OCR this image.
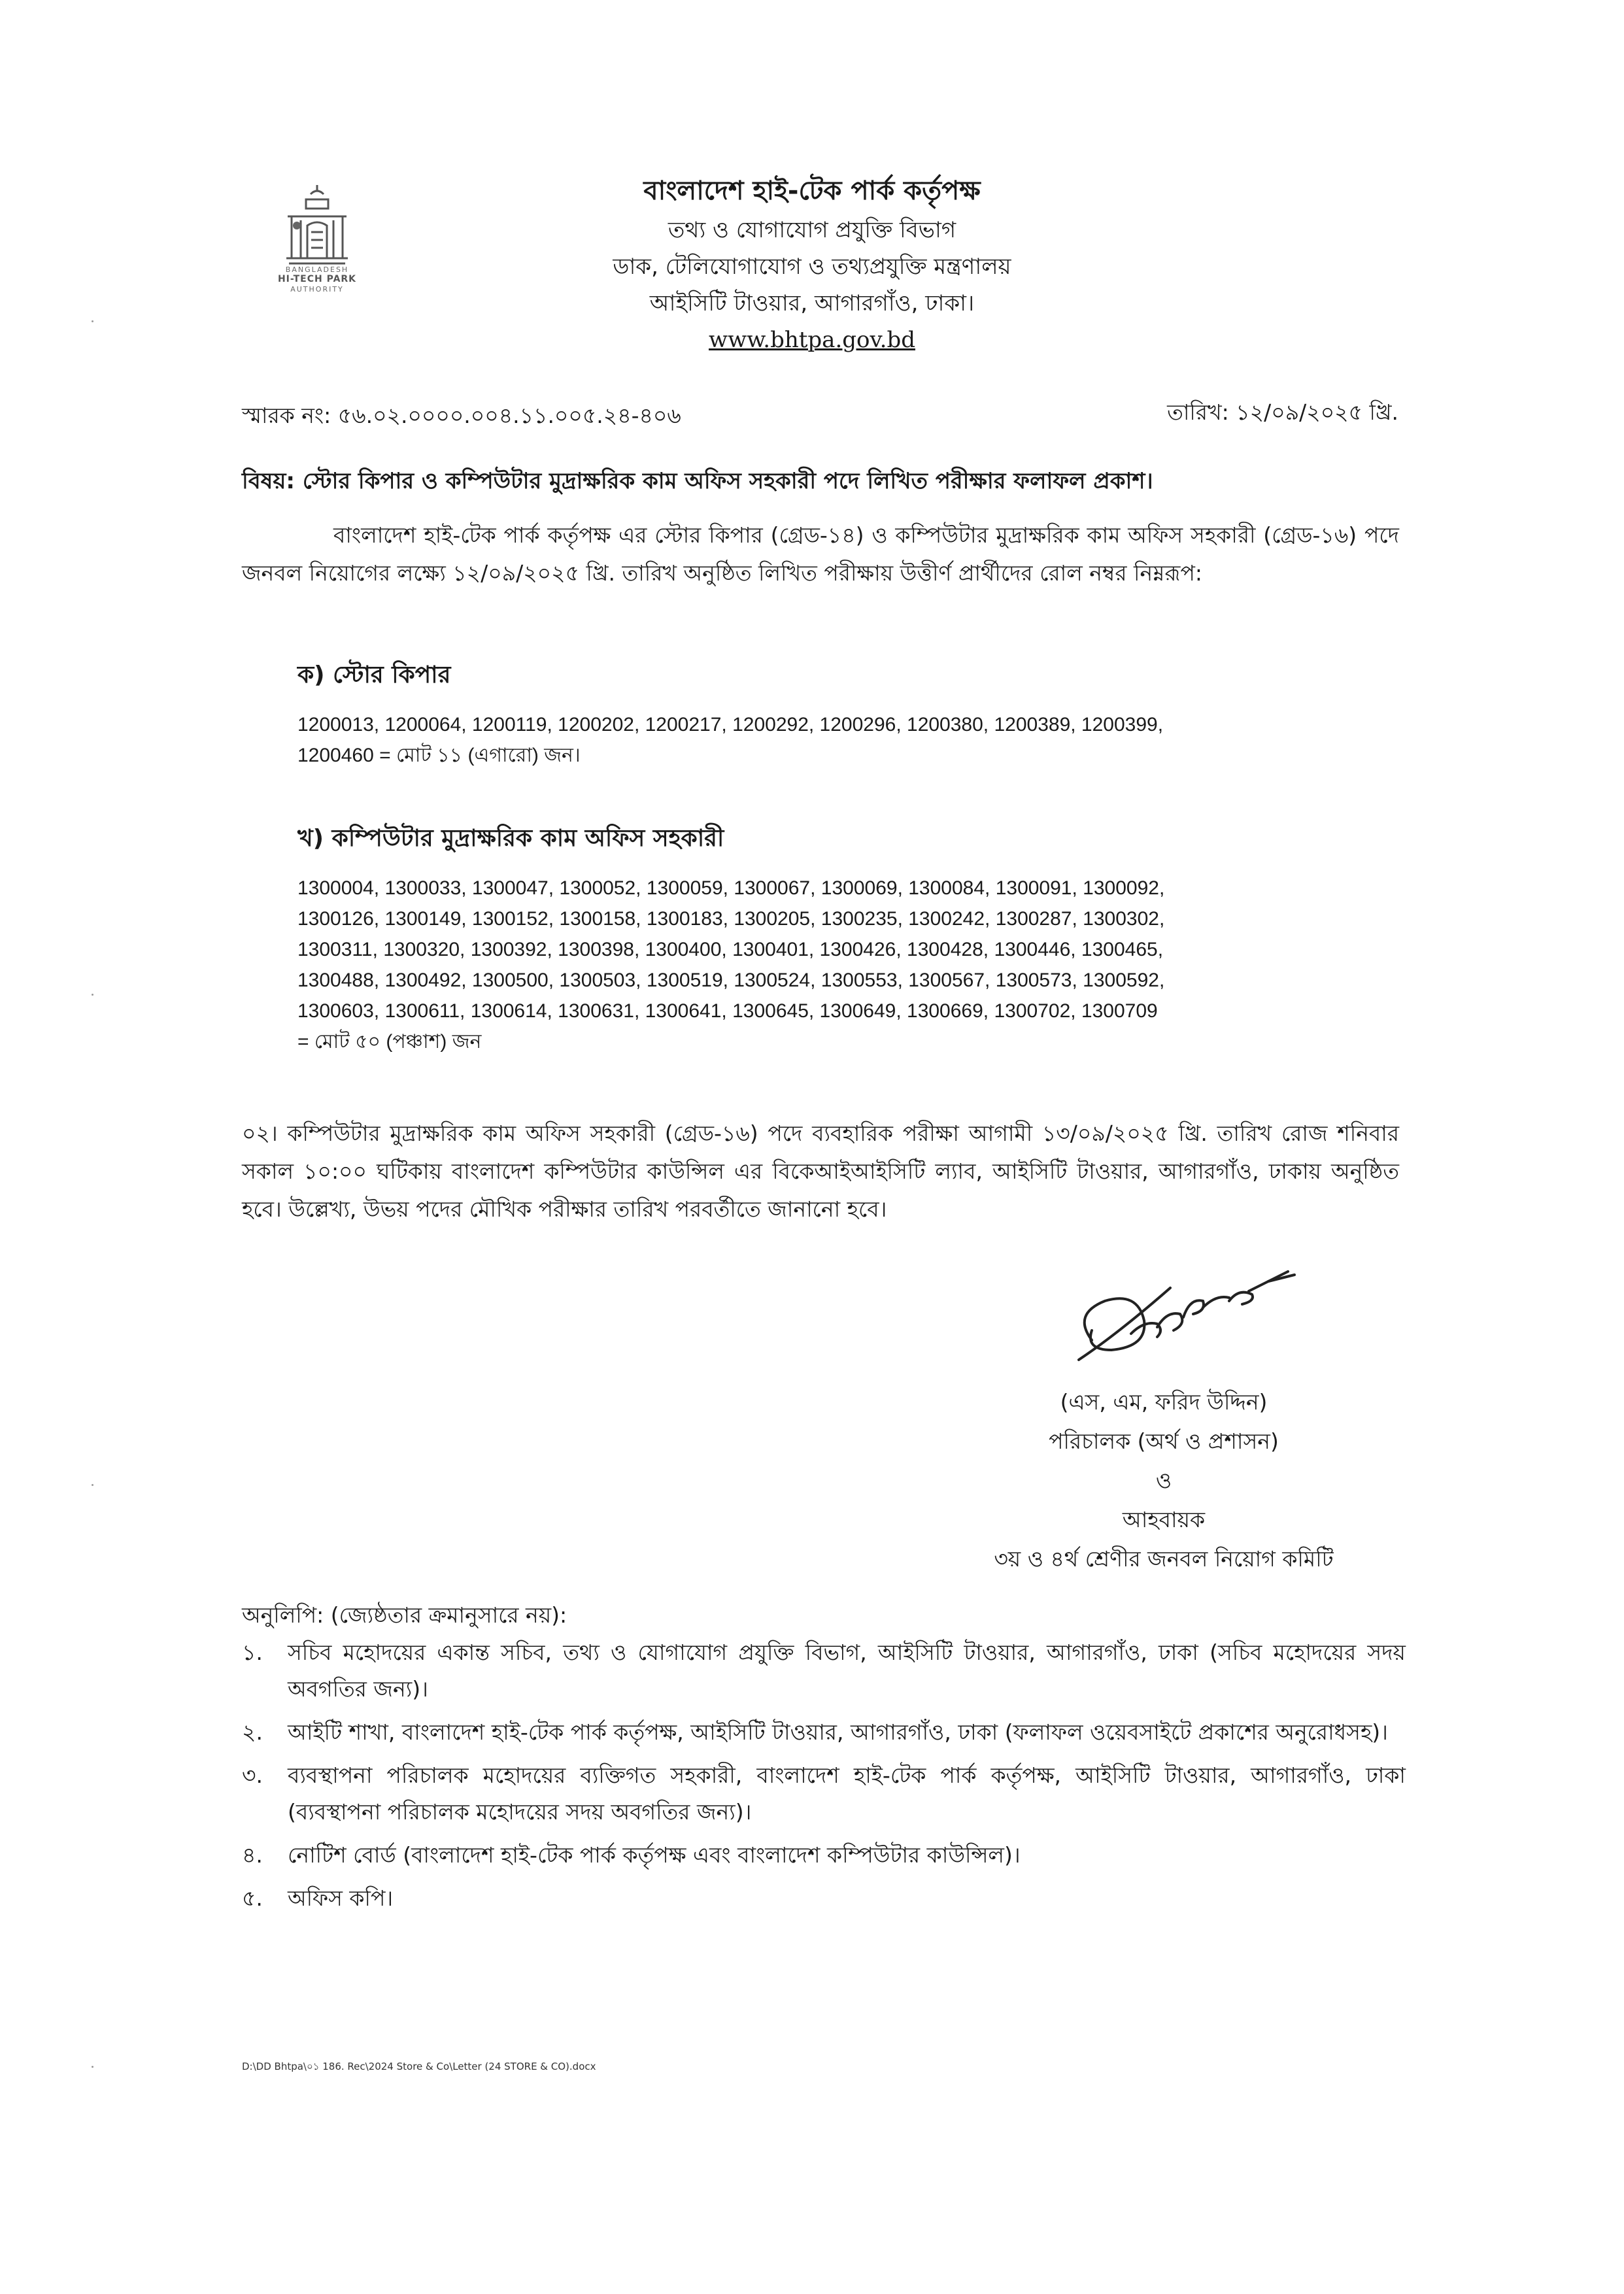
BANGLADESH
HI-TECH PARK
AUTHORITY
বাংলাদেশ হাই-টেক পার্ক কর্তৃপক্ষ
তথ্য ও যোগাযোগ প্রযুক্তি বিভাগ
ডাক, টেলিযোগাযোগ ও তথ্যপ্রযুক্তি মন্ত্রণালয়
আইসিটি টাওয়ার, আগারগাঁও, ঢাকা।
www.bhtpa.gov.bd
স্মারক নং: ৫৬.০২.০০০০.০০৪.১১.০০৫.২৪-৪০৬	তারিখ: ১২/০৯/২০২৫ খ্রি.
বিষয়: স্টোর কিপার ও কম্পিউটার মুদ্রাক্ষরিক কাম অফিস সহকারী পদে লিখিত পরীক্ষার ফলাফল প্রকাশ।
বাংলাদেশ হাই-টেক পার্ক কর্তৃপক্ষ এর স্টোর কিপার (গ্রেড-১৪) ও কম্পিউটার মুদ্রাক্ষরিক কাম অফিস সহকারী (গ্রেড-১৬) পদে জনবল নিয়োগের লক্ষ্যে ১২/০৯/২০২৫ খ্রি. তারিখ অনুষ্ঠিত লিখিত পরীক্ষায় উত্তীর্ণ প্রার্থীদের রোল নম্বর নিম্নরূপ:
ক) স্টোর কিপার
1200013, 1200064, 1200119, 1200202, 1200217, 1200292, 1200296, 1200380, 1200389, 1200399,
1200460 = মোট ১১ (এগারো) জন।
খ) কম্পিউটার মুদ্রাক্ষরিক কাম অফিস সহকারী
1300004, 1300033, 1300047, 1300052, 1300059, 1300067, 1300069, 1300084, 1300091, 1300092,
1300126, 1300149, 1300152, 1300158, 1300183, 1300205, 1300235, 1300242, 1300287, 1300302,
1300311, 1300320, 1300392, 1300398, 1300400, 1300401, 1300426, 1300428, 1300446, 1300465,
1300488, 1300492, 1300500, 1300503, 1300519, 1300524, 1300553, 1300567, 1300573, 1300592,
1300603, 1300611, 1300614, 1300631, 1300641, 1300645, 1300649, 1300669, 1300702, 1300709
= মোট ৫০ (পঞ্চাশ) জন
০২। কম্পিউটার মুদ্রাক্ষরিক কাম অফিস সহকারী (গ্রেড-১৬) পদে ব্যবহারিক পরীক্ষা আগামী ১৩/০৯/২০২৫ খ্রি. তারিখ রোজ শনিবার সকাল ১০:০০ ঘটিকায় বাংলাদেশ কম্পিউটার কাউন্সিল এর বিকেআইআইসিটি ল্যাব, আইসিটি টাওয়ার, আগারগাঁও, ঢাকায় অনুষ্ঠিত হবে। উল্লেখ্য, উভয় পদের মৌখিক পরীক্ষার তারিখ পরবর্তীতে জানানো হবে।
(এস, এম, ফরিদ উদ্দিন)
পরিচালক (অর্থ ও প্রশাসন)
ও
আহবায়ক
৩য় ও ৪র্থ শ্রেণীর জনবল নিয়োগ কমিটি
অনুলিপি: (জ্যেষ্ঠতার ক্রমানুসারে নয়):
১.	সচিব মহোদয়ের একান্ত সচিব, তথ্য ও যোগাযোগ প্রযুক্তি বিভাগ, আইসিটি টাওয়ার, আগারগাঁও, ঢাকা (সচিব মহোদয়ের সদয় অবগতির জন্য)।
২.	আইটি শাখা, বাংলাদেশ হাই-টেক পার্ক কর্তৃপক্ষ, আইসিটি টাওয়ার, আগারগাঁও, ঢাকা (ফলাফল ওয়েবসাইটে প্রকাশের অনুরোধসহ)।
৩.	ব্যবস্থাপনা পরিচালক মহোদয়ের ব্যক্তিগত সহকারী, বাংলাদেশ হাই-টেক পার্ক কর্তৃপক্ষ, আইসিটি টাওয়ার, আগারগাঁও, ঢাকা (ব্যবস্থাপনা পরিচালক মহোদয়ের সদয় অবগতির জন্য)।
৪.	নোটিশ বোর্ড (বাংলাদেশ হাই-টেক পার্ক কর্তৃপক্ষ এবং বাংলাদেশ কম্পিউটার কাউন্সিল)।
৫.	অফিস কপি।
D:\DD Bhtpa\০১ 186. Rec\2024 Store & Co\Letter (24 STORE & CO).docx
